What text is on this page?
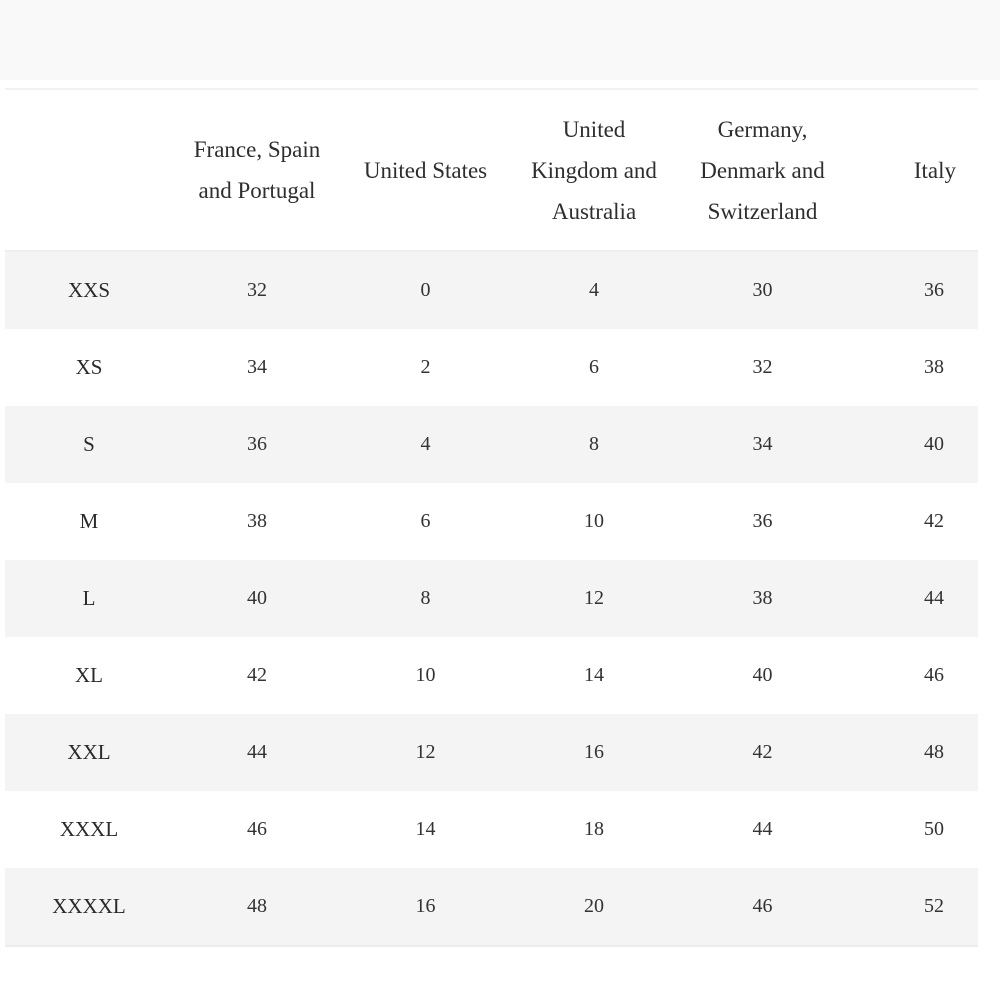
	France, Spain
and Portugal	United States	United
Kingdom and
Australia	Germany,
Denmark and
Switzerland	Italy
XXS	32	0	4	30	36
XS	34	2	6	32	38
S	36	4	8	34	40
M	38	6	10	36	42
L	40	8	12	38	44
XL	42	10	14	40	46
XXL	44	12	16	42	48
XXXL	46	14	18	44	50
XXXXL	48	16	20	46	52
